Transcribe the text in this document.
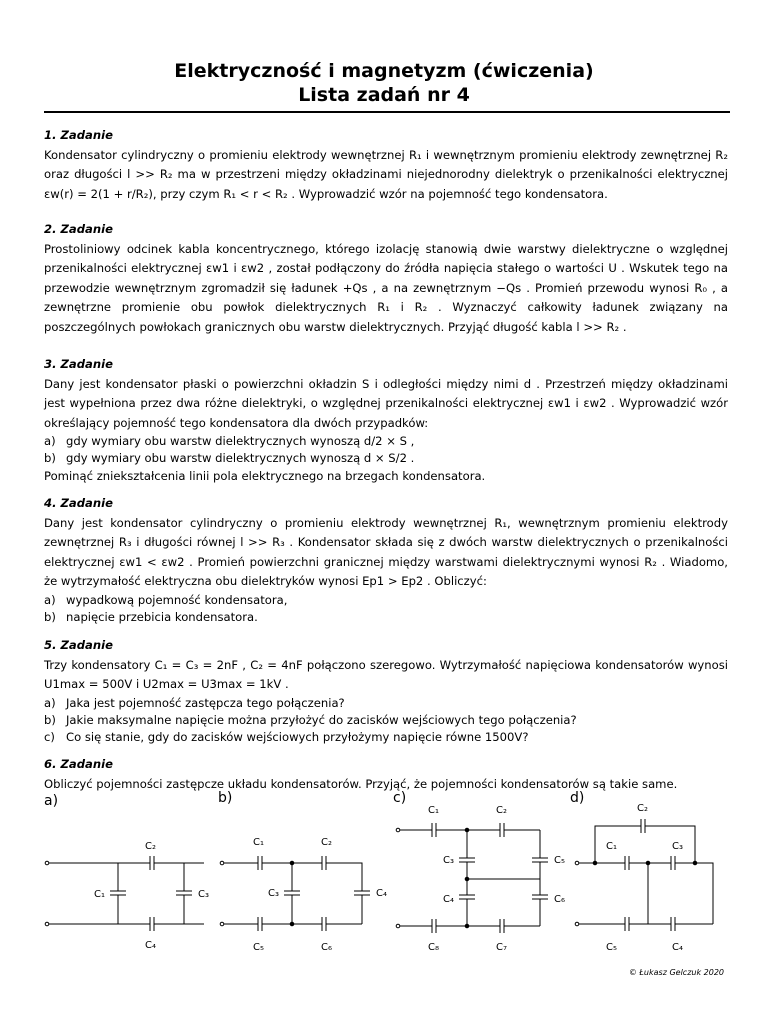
Elektryczność i magnetyzm (ćwiczenia)
Lista zadań nr 4
1. Zadanie
Kondensator cylindryczny o promieniu elektrody wewnętrznej R₁ i wewnętrznym promieniu elektrody zewnętrznej R₂ oraz długości l >> R₂ ma w przestrzeni między okładzinami niejednorodny dielektryk o przenikalności elektrycznej εw(r) = 2(1 + r/R₂), przy czym R₁ < r < R₂ . Wyprowadzić wzór na pojemność tego kondensatora.
2. Zadanie
Prostoliniowy odcinek kabla koncentrycznego, którego izolację stanowią dwie warstwy dielektryczne o względnej przenikalności elektrycznej εw1 i εw2 , został podłączony do źródła napięcia stałego o wartości U . Wskutek tego na przewodzie wewnętrznym zgromadził się ładunek +Qs , a na zewnętrznym −Qs . Promień przewodu wynosi R₀ , a zewnętrzne promienie obu powłok dielektrycznych R₁ i R₂ . Wyznaczyć całkowity ładunek związany na poszczególnych powłokach granicznych obu warstw dielektrycznych. Przyjąć długość kabla l >> R₂ .
3. Zadanie
Dany jest kondensator płaski o powierzchni okładzin S i odległości między nimi d . Przestrzeń między okładzinami jest wypełniona przez dwa różne dielektryki, o względnej przenikalności elektrycznej εw1 i εw2 . Wyprowadzić wzór określający pojemność tego kondensatora dla dwóch przypadków:
a) gdy wymiary obu warstw dielektrycznych wynoszą d/2 × S ,
b) gdy wymiary obu warstw dielektrycznych wynoszą d × S/2 .
Pominąć zniekształcenia linii pola elektrycznego na brzegach kondensatora.
4. Zadanie
Dany jest kondensator cylindryczny o promieniu elektrody wewnętrznej R₁, wewnętrznym promieniu elektrody zewnętrznej R₃ i długości równej l >> R₃ . Kondensator składa się z dwóch warstw dielektrycznych o przenikalności elektrycznej εw1 < εw2 . Promień powierzchni granicznej między warstwami dielektrycznymi wynosi R₂ . Wiadomo, że wytrzymałość elektryczna obu dielektryków wynosi Ep1 > Ep2 . Obliczyć:
a) wypadkową pojemność kondensatora,
b) napięcie przebicia kondensatora.
5. Zadanie
Trzy kondensatory C₁ = C₃ = 2nF , C₂ = 4nF połączono szeregowo. Wytrzymałość napięciowa kondensatorów wynosi U1max = 500V i U2max = U3max = 1kV .
a) Jaka jest pojemność zastępcza tego połączenia?
b) Jakie maksymalne napięcie można przyłożyć do zacisków wejściowych tego połączenia?
c) Co się stanie, gdy do zacisków wejściowych przyłożymy napięcie równe 1500V?
6. Zadanie
Obliczyć pojemności zastępcze układu kondensatorów. Przyjąć, że pojemności kondensatorów są takie same.
a)	b)	c)	d)
C₂
C₁	C₃
C₄
C₁	C₂
C₃	C₄
C₅	C₆
C₁	C₂
C₃	C₅
C₄	C₆
C₈	C₇
C₂
C₁	C₃
C₅	C₄
© Łukasz Gelczuk 2020
